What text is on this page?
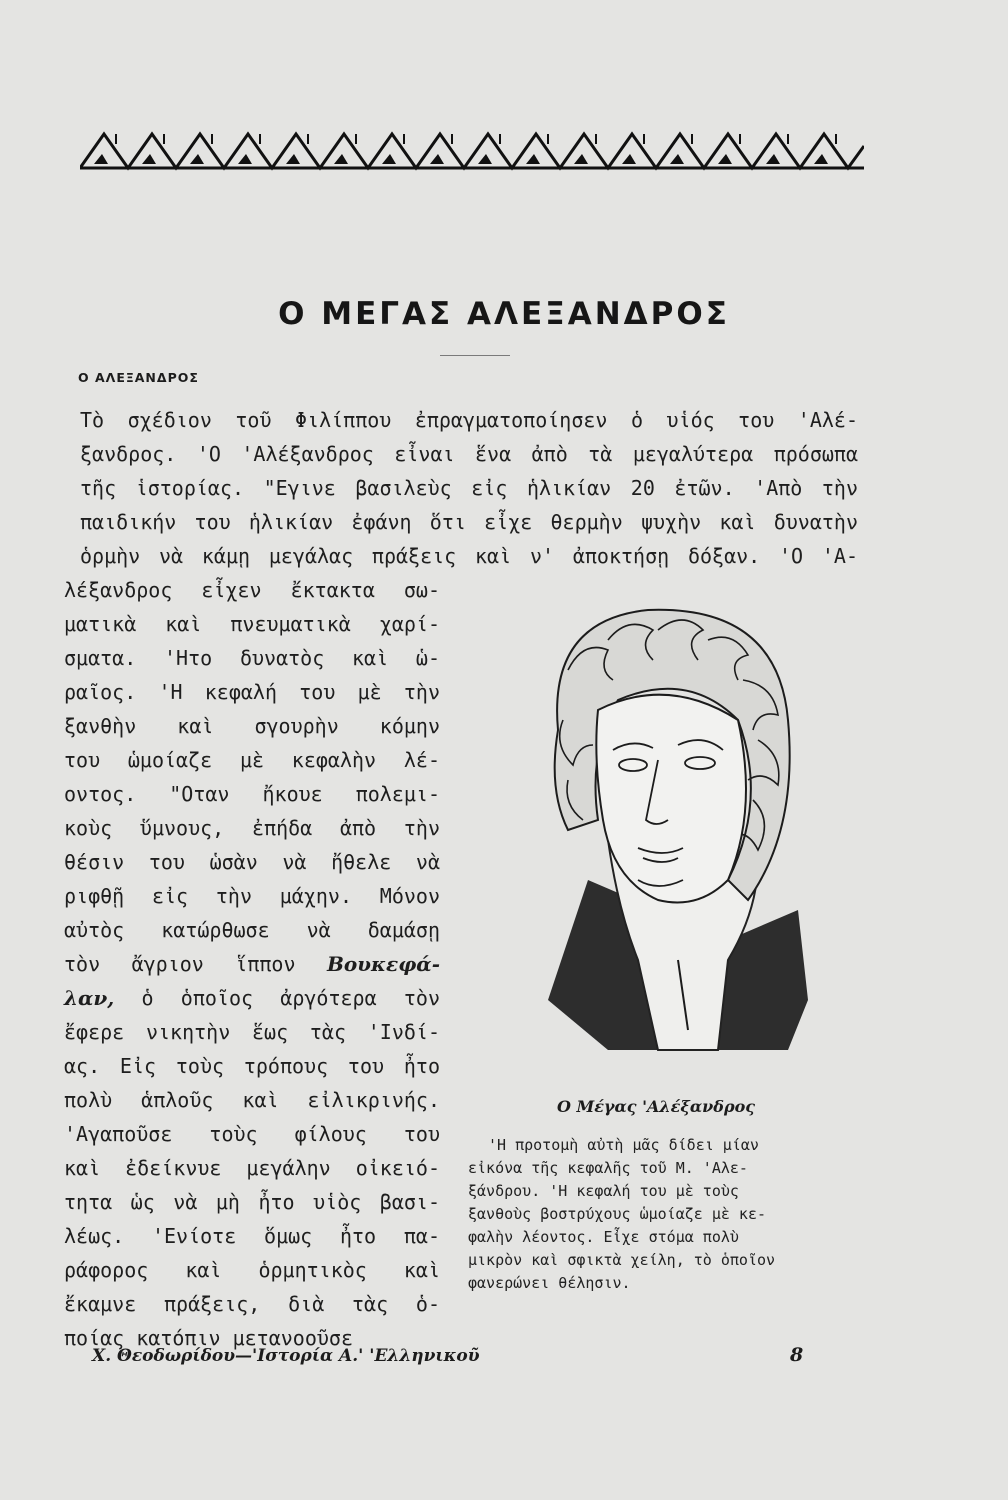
Ο ΜΕΓΑΣ ΑΛΕΞΑΝΔΡΟΣ
Ο ΑΛΕΞΑΝΔΡΟΣ
Τὸ σχέδιον τοῦ Φιλίππου ἐπραγματοποίησεν ὁ υἱός του 'Αλέ-
ξανδρος. 'Ο 'Αλέξανδρος εἶναι ἕνα ἀπὸ τὰ μεγαλύτερα πρόσωπα
τῆς ἱστορίας. "Εγινε βασιλεὺς εἰς ἡλικίαν 20 ἐτῶν. 'Απὸ τὴν
παιδικήν του ἡλικίαν ἐφάνη ὅτι εἶχε θερμὴν ψυχὴν καὶ δυνατὴν
ὁρμὴν νὰ κάμῃ μεγάλας πράξεις καὶ ν' ἀποκτήσῃ δόξαν. 'Ο 'Α-
λέξανδρος εἶχεν ἔκτακτα σω-
ματικὰ καὶ πνευματικὰ χαρί-
σματα. 'Ητο δυνατὸς καὶ ὡ-
ραῖος. 'Η κεφαλή του μὲ τὴν
ξανθὴν καὶ σγουρὴν κόμην
του ὡμοίαζε μὲ κεφαλὴν λέ-
οντος. "Οταν ἤκουε πολεμι-
κοὺς ὕμνους, ἐπήδα ἀπὸ τὴν
θέσιν του ὡσὰν νὰ ἤθελε νὰ
ριφθῇ εἰς τὴν μάχην. Μόνον
αὐτὸς κατώρθωσε νὰ δαμάσῃ
τὸν ἄγριον ἵππον Βουκεφά-
λαν, ὁ ὁποῖος ἀργότερα τὸν
ἔφερε νικητὴν ἕως τὰς 'Ινδί-
ας. Εἰς τοὺς τρόπους του ἦτο
πολὺ ἁπλοῦς καὶ εἰλικρινής.
'Αγαποῦσε τοὺς φίλους του
καὶ ἐδείκνυε μεγάλην οἰκειό-
τητα ὡς νὰ μὴ ἦτο υἱὸς βασι-
λέως. 'Ενίοτε ὅμως ἦτο πα-
ράφορος καὶ ὁρμητικὸς καὶ
ἔκαμνε πράξεις, διὰ τὰς ὁ-
ποίας κατόπιν μετανοοῦσε
Ο Μέγας 'Αλέξανδρος
'Η προτομὴ αὐτὴ μᾶς δίδει μίαν
εἰκόνα τῆς κεφαλῆς τοῦ Μ. 'Αλε-
ξάνδρου. 'Η κεφαλή του μὲ τοὺς
ξανθοὺς βοστρύχους ὡμοίαζε μὲ κε-
φαλὴν λέοντος. Εἶχε στόμα πολὺ
μικρὸν καὶ σφικτὰ χείλη, τὸ ὁποῖον
φανερώνει θέλησιν.
Χ. Θεοδωρίδου—'Ιστορία Α.' 'Ελληνικοῦ	8
